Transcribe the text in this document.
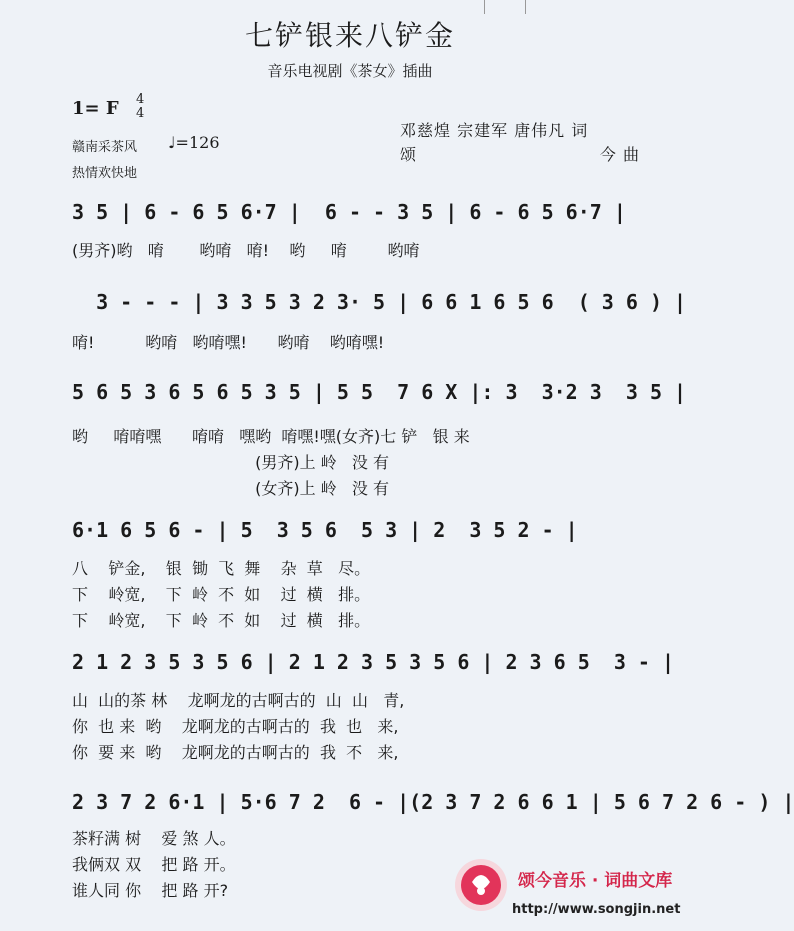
七铲银来八铲金
音乐电视剧《茶女》插曲
1= F 4
4
赣南采茶风
热情欢快地
♩=126
邓慈煌 宗建军 唐伟凡 词
颂	今 曲
3 5 | 6 - 6 5 6·7 |  6 - - 3 5 | 6 - 6 5 6·7 |
(男齐)哟   唷       哟唷   唷!    哟     唷        哟唷
3 - - - | 3 3 5 3 2 3· 5 | 6 6 1 6 5 6  ( 3 6 ) |
唷!          哟唷   哟唷嘿!      哟唷    哟唷嘿!
5 6 5 3 6 5 6 5 3 5 | 5 5  7 6 X |: 3  3·2 3  3 5 |
哟     唷唷嘿      唷唷   嘿哟  唷嘿!嘿(女齐)七 铲   银 来
(男齐)上 岭   没 有
(女齐)上 岭   没 有
6·1 6 5 6 - | 5  3 5 6  5 3 | 2  3 5 2 - |
八    铲金,    银  锄  飞  舞    杂  草   尽。
下    岭宽,    下  岭  不  如    过  横   排。
下    岭宽,    下  岭  不  如    过  横   排。
2 1 2 3 5 3 5 6 | 2 1 2 3 5 3 5 6 | 2 3 6 5  3 - |
山  山的茶 林    龙啊龙的古啊古的  山  山   青,
你  也 来  哟    龙啊龙的古啊古的  我  也   来,
你  要 来  哟    龙啊龙的古啊古的  我  不   来,
2 3 7 2 6·1 | 5·6 7 2  6 - |(2 3 7 2 6 6 1 | 5 6 7 2 6 - ) |
茶籽满 树    爱 煞 人。
我俩双 双    把 路 开。
谁人同 你    把 路 开?	颂今音乐 · 词曲文库
http://www.songjin.net
